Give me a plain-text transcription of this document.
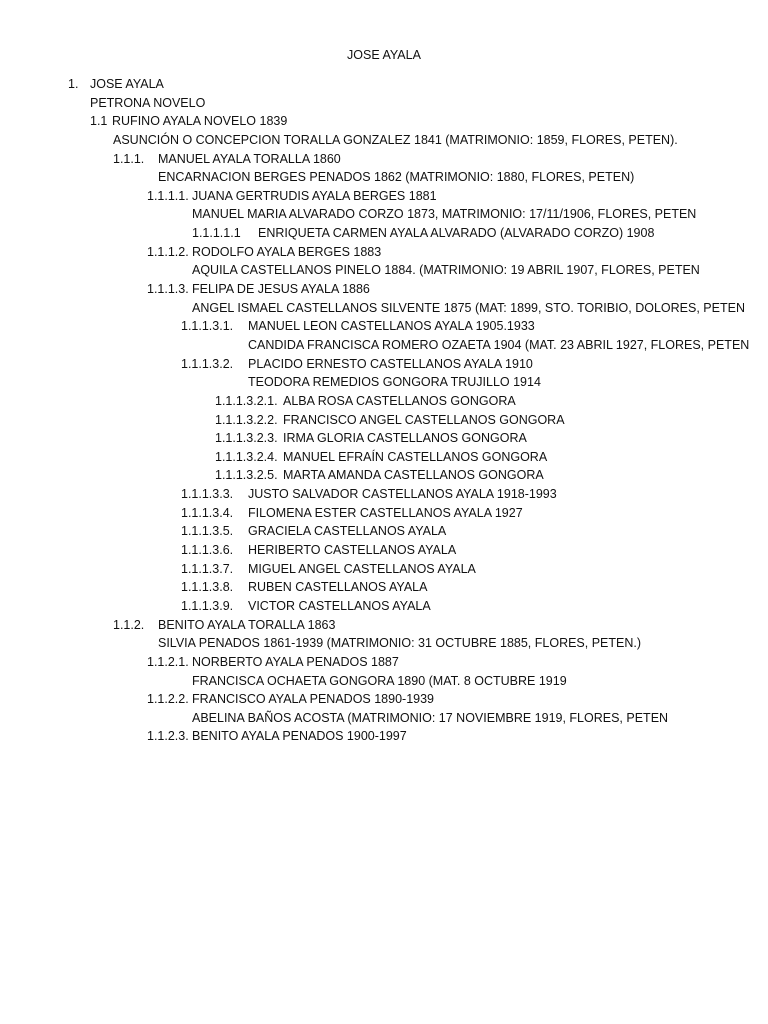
JOSE AYALA
1. JOSE AYALA
PETRONA NOVELO
1.1 RUFINO AYALA NOVELO 1839
ASUNCIÓN O CONCEPCION TORALLA GONZALEZ 1841 (MATRIMONIO: 1859, FLORES, PETEN).
1.1.1. MANUEL AYALA TORALLA 1860
ENCARNACION BERGES PENADOS 1862 (MATRIMONIO: 1880, FLORES, PETEN)
1.1.1.1. JUANA GERTRUDIS AYALA BERGES 1881
MANUEL MARIA ALVARADO CORZO 1873, MATRIMONIO: 17/11/1906, FLORES, PETEN
1.1.1.1.1 ENRIQUETA CARMEN AYALA ALVARADO (ALVARADO CORZO) 1908
1.1.1.2. RODOLFO AYALA BERGES 1883
AQUILA CASTELLANOS PINELO 1884. (MATRIMONIO: 19 ABRIL 1907, FLORES, PETEN
1.1.1.3. FELIPA DE JESUS AYALA 1886
ANGEL ISMAEL CASTELLANOS SILVENTE 1875 (MAT: 1899, STO. TORIBIO, DOLORES, PETEN
1.1.1.3.1. MANUEL LEON CASTELLANOS AYALA 1905.1933
CANDIDA FRANCISCA ROMERO OZAETA 1904 (MAT. 23 ABRIL 1927, FLORES, PETEN
1.1.1.3.2. PLACIDO ERNESTO CASTELLANOS AYALA 1910
TEODORA REMEDIOS GONGORA TRUJILLO 1914
1.1.1.3.2.1. ALBA ROSA CASTELLANOS GONGORA
1.1.1.3.2.2. FRANCISCO ANGEL CASTELLANOS GONGORA
1.1.1.3.2.3. IRMA GLORIA CASTELLANOS GONGORA
1.1.1.3.2.4. MANUEL EFRAÍN CASTELLANOS GONGORA
1.1.1.3.2.5. MARTA AMANDA CASTELLANOS GONGORA
1.1.1.3.3. JUSTO SALVADOR CASTELLANOS AYALA 1918-1993
1.1.1.3.4. FILOMENA ESTER CASTELLANOS AYALA 1927
1.1.1.3.5. GRACIELA CASTELLANOS AYALA
1.1.1.3.6. HERIBERTO CASTELLANOS AYALA
1.1.1.3.7. MIGUEL ANGEL CASTELLANOS AYALA
1.1.1.3.8. RUBEN CASTELLANOS AYALA
1.1.1.3.9. VICTOR CASTELLANOS AYALA
1.1.2. BENITO AYALA TORALLA 1863
SILVIA PENADOS 1861-1939 (MATRIMONIO: 31 OCTUBRE 1885, FLORES, PETEN.)
1.1.2.1. NORBERTO AYALA PENADOS 1887
FRANCISCA OCHAETA GONGORA 1890 (MAT. 8 OCTUBRE 1919
1.1.2.2. FRANCISCO AYALA PENADOS 1890-1939
ABELINA BAÑOS ACOSTA (MATRIMONIO: 17 NOVIEMBRE 1919, FLORES, PETEN
1.1.2.3. BENITO AYALA PENADOS 1900-1997
